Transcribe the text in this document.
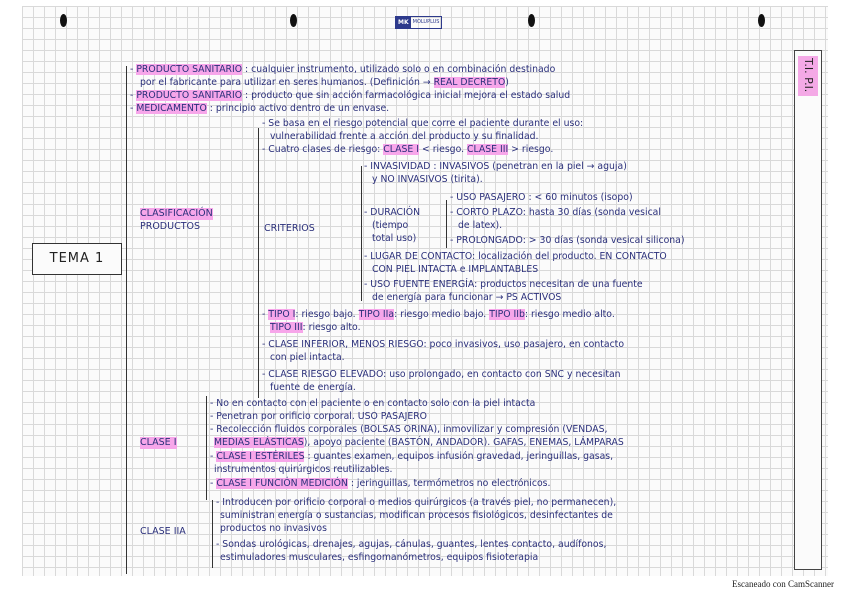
MK MOLUPLUS
T.I. P.I.
TEMA 1
CLASIFICACIÓN
PRODUCTOS	CRITERIOS
CLASE I
CLASE IIA
- PRODUCTO SANITARIO : cualquier instrumento, utilizado solo o en combinación destinado
por el fabricante para utilizar en seres humanos. (Definición → REAL DECRETO)
- PRODUCTO SANITARIO : producto que sin acción farmacológica inicial mejora el estado salud
- MEDICAMENTO : principio activo dentro de un envase.
- Se basa en el riesgo potencial que corre el paciente durante el uso:
vulnerabilidad frente a acción del producto y su finalidad.
- Cuatro clases de riesgo: CLASE I < riesgo. CLASE III > riesgo.
- INVASIVIDAD : INVASIVOS (penetran en la piel → aguja)
y NO INVASIVOS (tirita).
- USO PASAJERO : < 60 minutos (isopo)
- DURACIÓN	- CORTO PLAZO: hasta 30 días (sonda vesical
(tiempo	de latex).
total uso)	- PROLONGADO: > 30 días (sonda vesical silicona)
- LUGAR DE CONTACTO: localización del producto. EN CONTACTO
CON PIEL INTACTA e IMPLANTABLES
- USO FUENTE ENERGÍA: productos necesitan de una fuente
de energía para funcionar → PS ACTIVOS
- TIPO I: riesgo bajo. TIPO IIa: riesgo medio bajo. TIPO IIb: riesgo medio alto.
TIPO III: riesgo alto.
- CLASE INFERIOR, MENOS RIESGO: poco invasivos, uso pasajero, en contacto
con piel intacta.
- CLASE RIESGO ELEVADO: uso prolongado, en contacto con SNC y necesitan
fuente de energía.
- No en contacto con el paciente o en contacto solo con la piel intacta
- Penetran por orificio corporal. USO PASAJERO
- Recolección fluidos corporales (BOLSAS ORINA), inmovilizar y compresión (VENDAS,
MEDIAS ELÁSTICAS), apoyo paciente (BASTÓN, ANDADOR). GAFAS, ENEMAS, LÁMPARAS
- CLASE I ESTÉRILES : guantes examen, equipos infusión gravedad, jeringuillas, gasas,
instrumentos quirúrgicos reutilizables.
- CLASE I FUNCIÓN MEDICIÓN : jeringuillas, termómetros no electrónicos.
- Introducen por orificio corporal o medios quirúrgicos (a través piel, no permanecen),
suministran energía o sustancias, modifican procesos fisiológicos, desinfectantes de
productos no invasivos
- Sondas urológicas, drenajes, agujas, cánulas, guantes, lentes contacto, audífonos,
estimuladores musculares, esfingomanómetros, equipos fisioterapia
Escaneado con CamScanner
